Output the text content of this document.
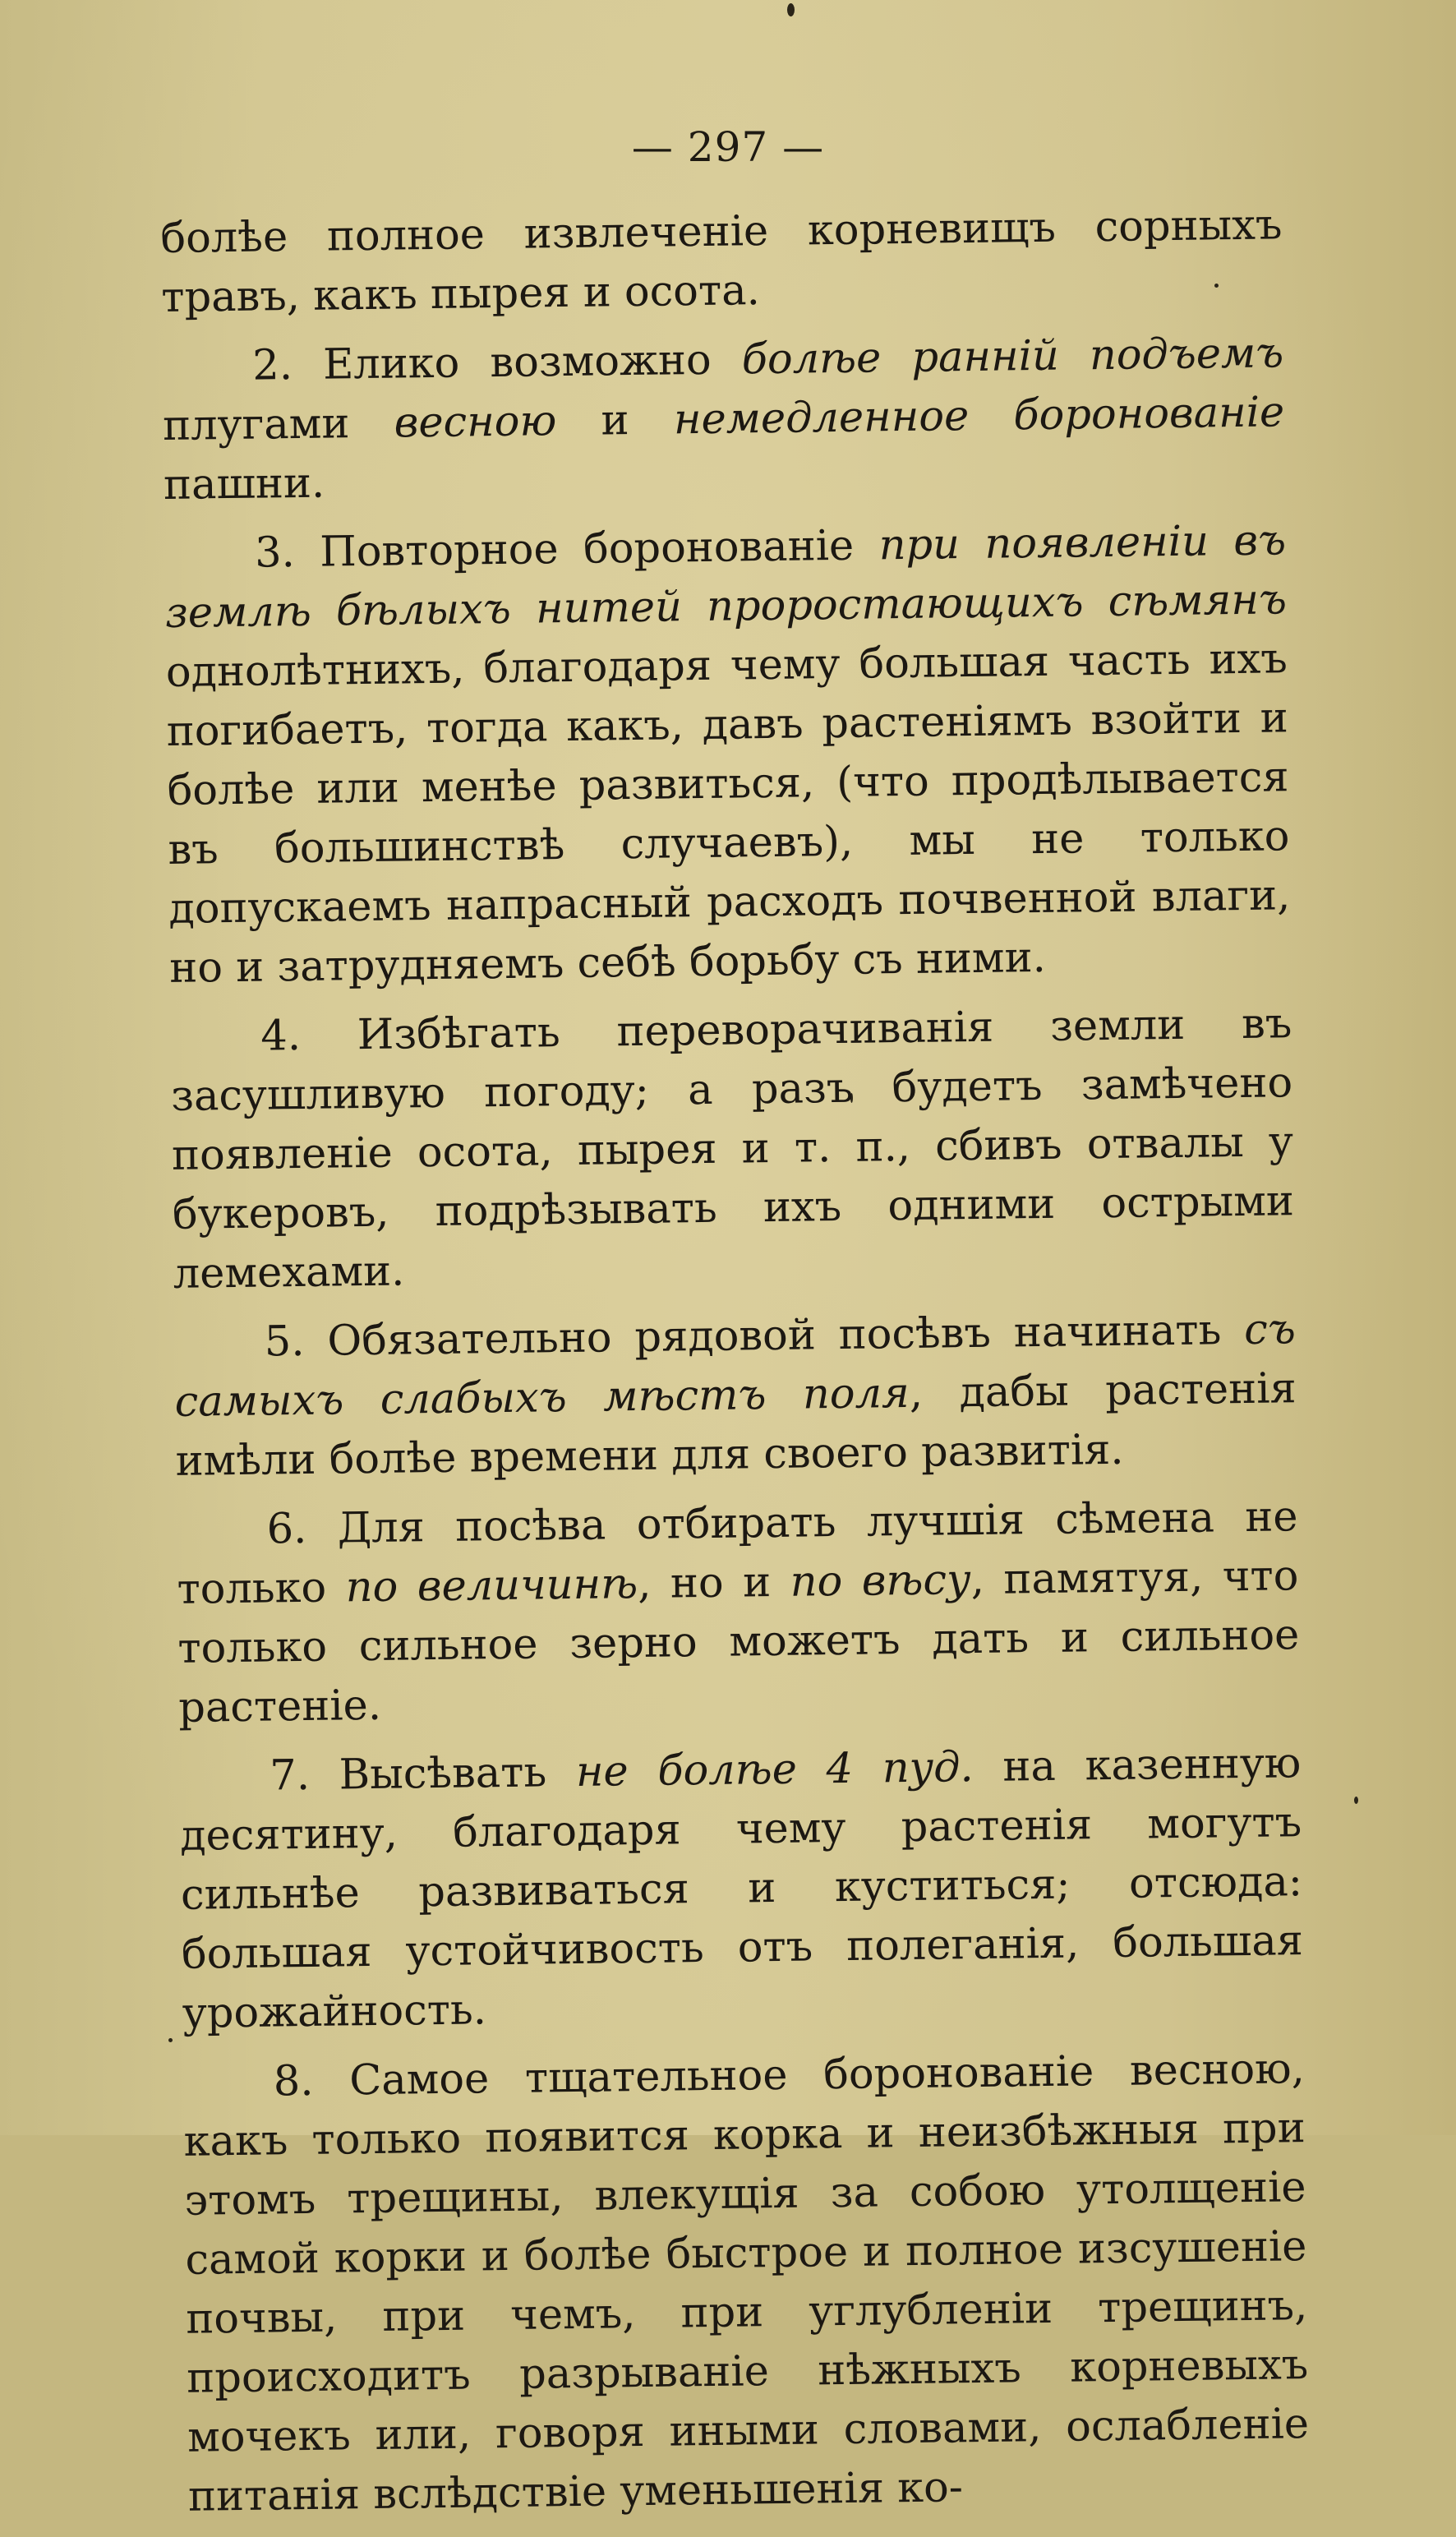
— 297 —

болѣе полное извлеченіе корневищъ сорныхъ травъ, какъ пырея и осота.

2. Елико возможно болѣе ранній подъемъ плугами весною и немедленное боронованіе пашни.

3. Повторное боронованіе при появленіи въ землѣ бѣлыхъ нитей проростающихъ сѣмянъ однолѣтнихъ, благодаря чему большая часть ихъ погибаетъ, тогда какъ, давъ растеніямъ взойти и болѣе или менѣе развиться, (что продѣлывается въ большинствѣ случаевъ), мы не только допускаемъ напрасный расходъ почвенной влаги, но и затрудняемъ себѣ борьбу съ ними.

4. Избѣгать переворачиванія земли въ засушливую погоду; а разъ будетъ замѣчено появленіе осота, пырея и т. п., сбивъ отвалы у букеровъ, подрѣзывать ихъ одними острыми лемехами.

5. Обязательно рядовой посѣвъ начинать съ самыхъ слабыхъ мѣстъ поля, дабы растенія имѣли болѣе времени для своего развитія.

6. Для посѣва отбирать лучшія сѣмена не только по величинѣ, но и по вѣсу, памятуя, что только сильное зерно можетъ дать и сильное растеніе.

7. Высѣвать не болѣе 4 пуд. на казенную десятину, благодаря чему растенія могутъ сильнѣе развиваться и куститься; отсюда: большая устойчивость отъ полеганія, большая урожайность.

8. Самое тщательное боронованіе весною, какъ только появится корка и неизбѣжныя при этомъ трещины, влекущія за собою утолщеніе самой корки и болѣе быстрое и полное изсушеніе почвы, при чемъ, при углубленіи трещинъ, происходитъ разрываніе нѣжныхъ корневыхъ мочекъ или, говоря иными словами, ослабленіе питанія вслѣдствіе уменьшенія ко-
